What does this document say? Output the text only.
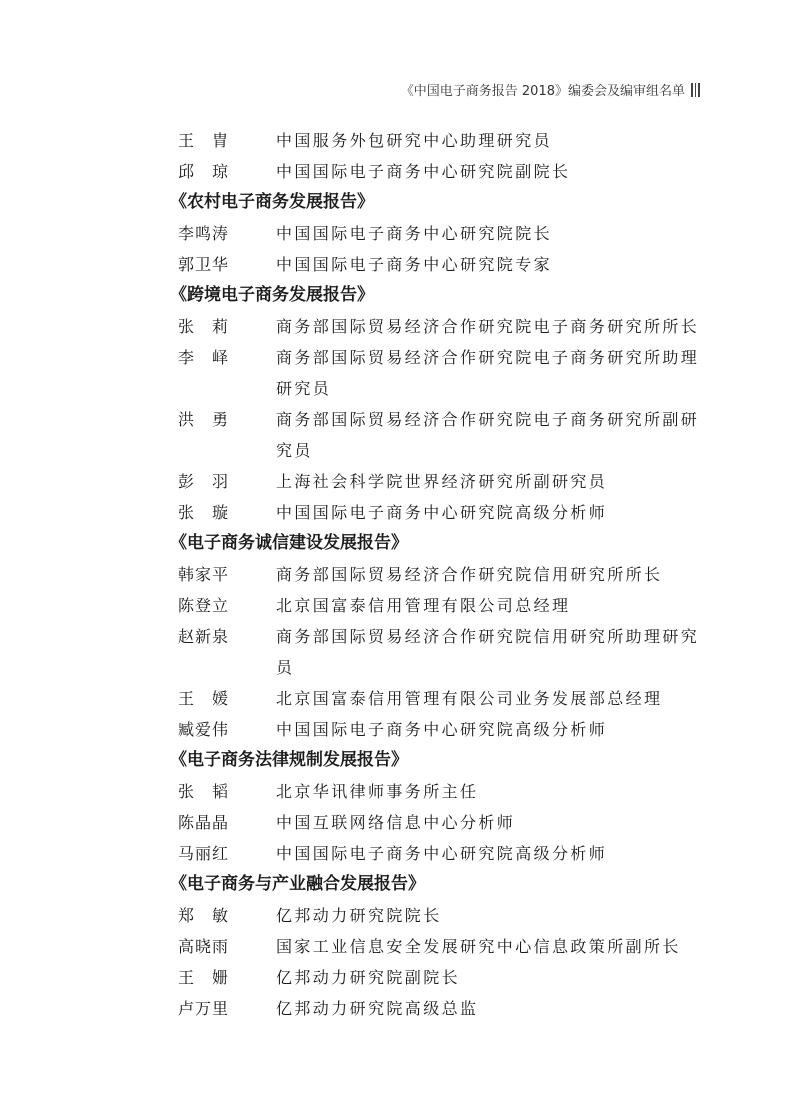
《中国电子商务报告 2018》编委会及编审组名单
王　胄	中国服务外包研究中心助理研究员
邱　琼	中国国际电子商务中心研究院副院长
《农村电子商务发展报告》
李鸣涛	中国国际电子商务中心研究院院长
郭卫华	中国国际电子商务中心研究院专家
《跨境电子商务发展报告》
张　莉	商务部国际贸易经济合作研究院电子商务研究所所长
李　峄	商务部国际贸易经济合作研究院电子商务研究所助理研究员
洪　勇	商务部国际贸易经济合作研究院电子商务研究所副研究员
彭　羽	上海社会科学院世界经济研究所副研究员
张　璇	中国国际电子商务中心研究院高级分析师
《电子商务诚信建设发展报告》
韩家平	商务部国际贸易经济合作研究院信用研究所所长
陈登立	北京国富泰信用管理有限公司总经理
赵新泉	商务部国际贸易经济合作研究院信用研究所助理研究员
王　媛	北京国富泰信用管理有限公司业务发展部总经理
臧爱伟	中国国际电子商务中心研究院高级分析师
《电子商务法律规制发展报告》
张　韬	北京华讯律师事务所主任
陈晶晶	中国互联网络信息中心分析师
马丽红	中国国际电子商务中心研究院高级分析师
《电子商务与产业融合发展报告》
郑　敏	亿邦动力研究院院长
高晓雨	国家工业信息安全发展研究中心信息政策所副所长
王　姗	亿邦动力研究院副院长
卢万里	亿邦动力研究院高级总监
